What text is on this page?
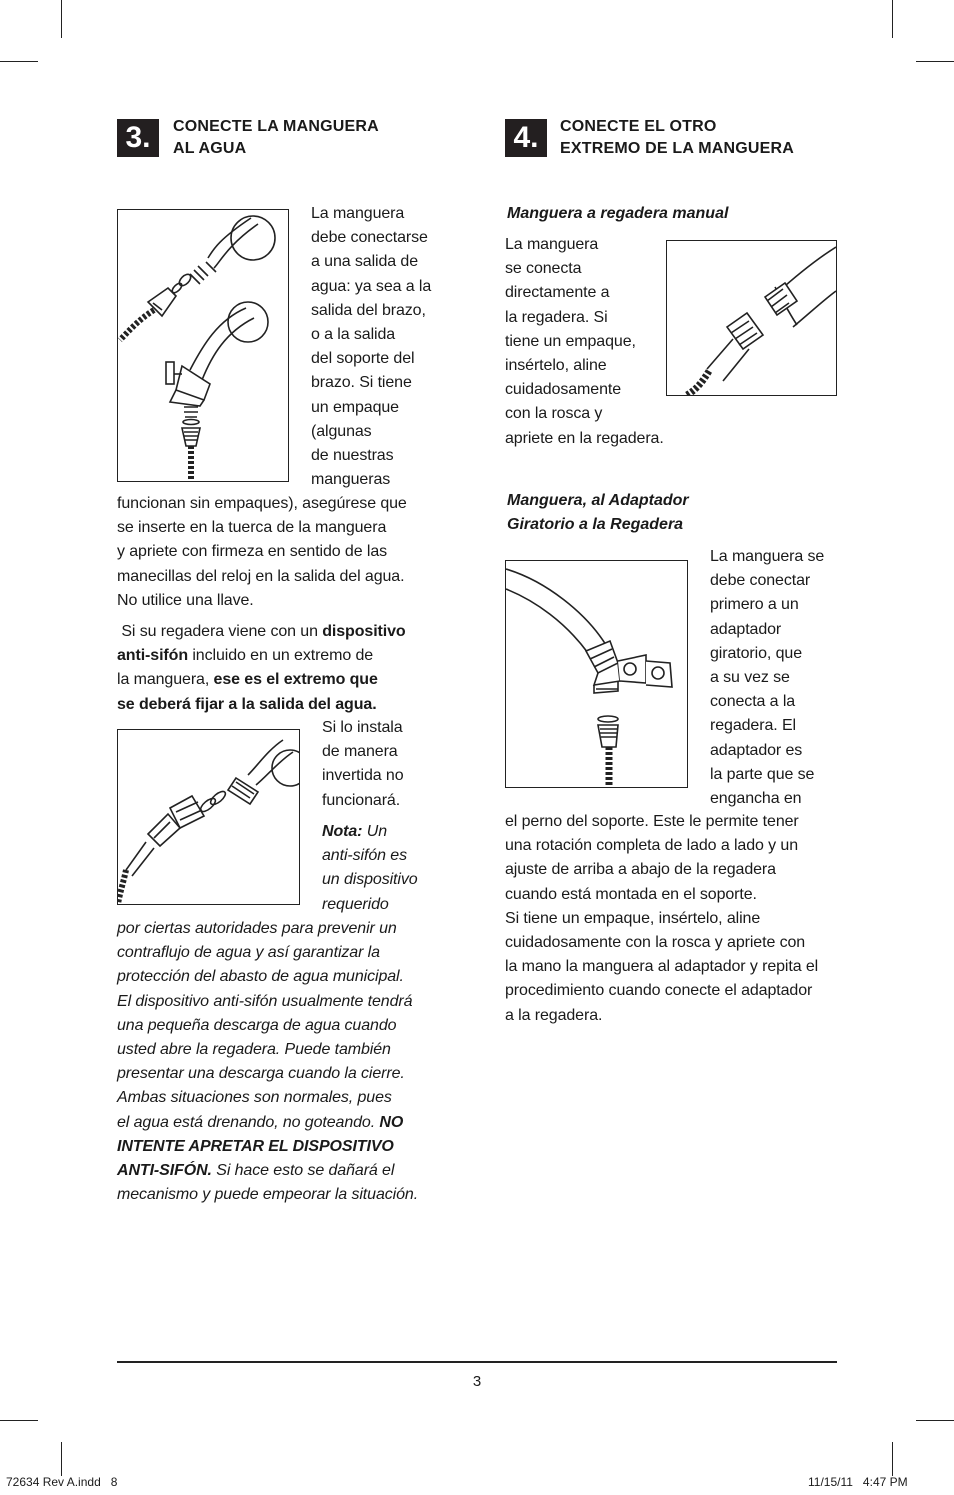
3.	CONECTE LA MANGUERA
AL AGUA	4.	CONECTE EL OTRO
EXTREMO DE LA MANGUERA
La manguera
debe conectarse
a una salida de
agua: ya sea a la
salida del brazo,
o a la salida
del soporte del
brazo. Si tiene
un empaque
(algunas
de nuestras
mangueras
funcionan sin empaques), asegúrese que
se inserte en la tuerca de la manguera
y apriete con firmeza en sentido de las
manecillas del reloj en la salida del agua.
No utilice una llave.
Si su regadera viene con un dispositivo
anti-sifón incluido en un extremo de
la manguera, ese es el extremo que
se deberá fijar a la salida del agua.
Si lo instala
de manera
invertida no
funcionará.
Nota: Un
anti-sifón es
un dispositivo
requerido
por ciertas autoridades para prevenir un
contraflujo de agua y así garantizar la
protección del abasto de agua municipal.
El dispositivo anti-sifón usualmente tendrá
una pequeña descarga de agua cuando
usted abre la regadera. Puede también
presentar una descarga cuando la cierre.
Ambas situaciones son normales, pues
el agua está drenando, no goteando. NO
INTENTE APRETAR EL DISPOSITIVO
ANTI-SIFÓN. Si hace esto se dañará el
mecanismo y puede empeorar la situación.
Manguera a regadera manual
La manguera
se conecta
directamente a
la regadera. Si
tiene un empaque,
insértelo, aline
cuidadosamente
con la rosca y
apriete en la regadera.
Manguera, al Adaptador
Giratorio a la Regadera
La manguera se
debe conectar
primero a un
adaptador
giratorio, que
a su vez se
conecta a la
regadera. El
adaptador es
la parte que se
engancha en
el perno del soporte. Este le permite tener
una rotación completa de lado a lado y un
ajuste de arriba a abajo de la regadera
cuando está montada en el soporte.
Si tiene un empaque, insértelo, aline
cuidadosamente con la rosca y apriete con
la mano la manguera al adaptador y repita el
procedimiento cuando conecte el adaptador
a la regadera.
3
72634 Rev A.indd   8	11/15/11   4:47 PM
